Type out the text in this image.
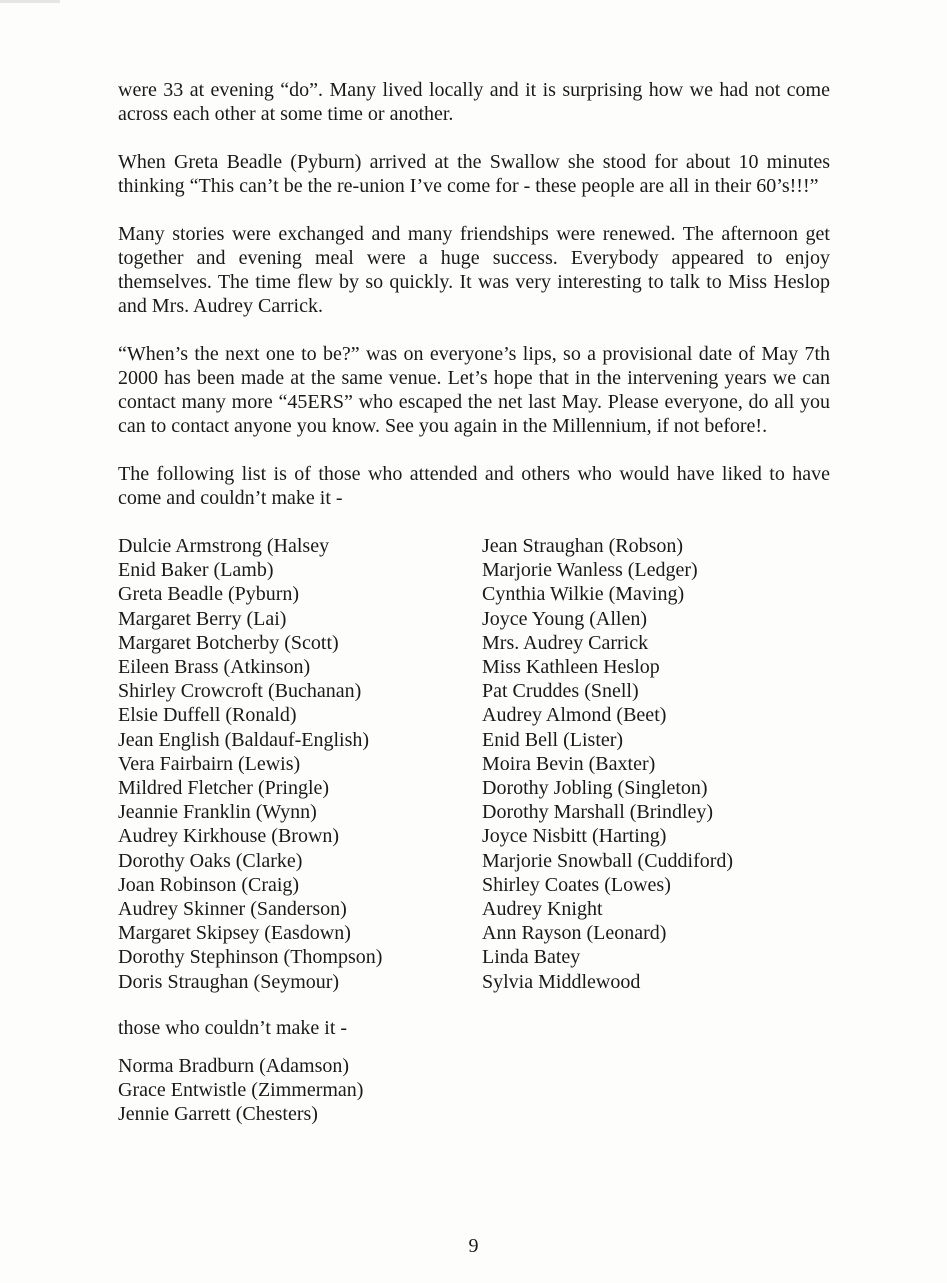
were 33 at evening “do”. Many lived locally and it is surprising how we had not come across each other at some time or another.

When Greta Beadle (Pyburn) arrived at the Swallow she stood for about 10 minutes thinking “This can’t be the re-union I’ve come for - these people are all in their 60’s!!!”

Many stories were exchanged and many friendships were renewed. The afternoon get together and evening meal were a huge success. Everybody appeared to enjoy themselves. The time flew by so quickly. It was very interesting to talk to Miss Heslop and Mrs. Audrey Carrick.

“When’s the next one to be?” was on everyone’s lips, so a provisional date of May 7th 2000 has been made at the same venue. Let’s hope that in the intervening years we can contact many more “45ERS” who escaped the net last May. Please everyone, do all you can to contact anyone you know. See you again in the Millennium, if not before!.

The following list is of those who attended and others who would have liked to have come and couldn’t make it -

Dulcie Armstrong (Halsey
Enid Baker (Lamb)
Greta Beadle (Pyburn)
Margaret Berry (Lai)
Margaret Botcherby (Scott)
Eileen Brass (Atkinson)
Shirley Crowcroft (Buchanan)
Elsie Duffell (Ronald)
Jean English (Baldauf-English)
Vera Fairbairn (Lewis)
Mildred Fletcher (Pringle)
Jeannie Franklin (Wynn)
Audrey Kirkhouse (Brown)
Dorothy Oaks (Clarke)
Joan Robinson (Craig)
Audrey Skinner (Sanderson)
Margaret Skipsey (Easdown)
Dorothy Stephinson (Thompson)
Doris Straughan (Seymour)
Jean Straughan (Robson)
Marjorie Wanless (Ledger)
Cynthia Wilkie (Maving)
Joyce Young (Allen)
Mrs. Audrey Carrick
Miss Kathleen Heslop
Pat Cruddes (Snell)
Audrey Almond (Beet)
Enid Bell (Lister)
Moira Bevin (Baxter)
Dorothy Jobling (Singleton)
Dorothy Marshall (Brindley)
Joyce Nisbitt (Harting)
Marjorie Snowball (Cuddiford)
Shirley Coates (Lowes)
Audrey Knight
Ann Rayson (Leonard)
Linda Batey
Sylvia Middlewood

those who couldn’t make it -

Norma Bradburn (Adamson)
Grace Entwistle (Zimmerman)
Jennie Garrett (Chesters)
9
